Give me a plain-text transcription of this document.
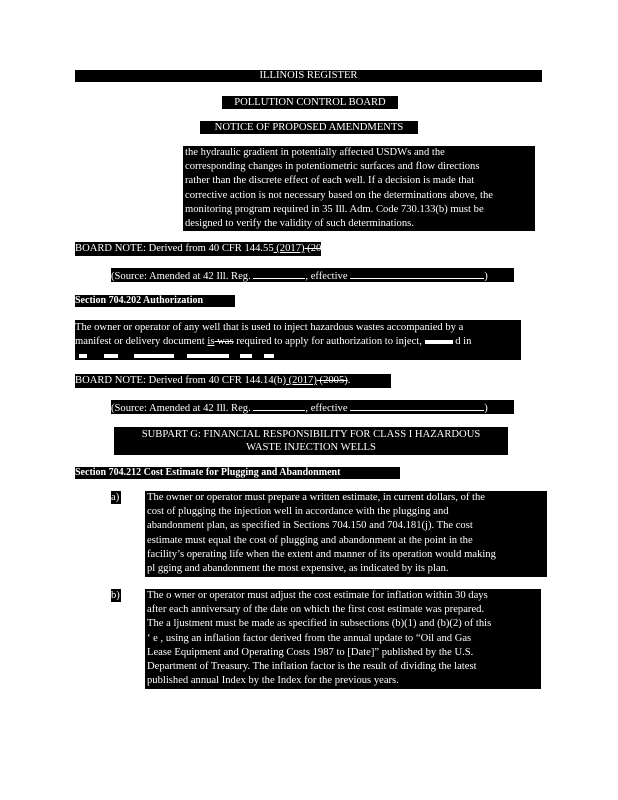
ILLINOIS REGISTER
POLLUTION CONTROL BOARD
NOTICE OF PROPOSED AMENDMENTS
the hydraulic gradient in potentially affected USDWs and the
corresponding changes in potentiometric surfaces and flow directions
rather than the discrete effect of each well. If a decision is made that
corrective action is not necessary based on the determinations above, the
monitoring program required in 35 Ill. Adm. Code 730.133(b) must be
designed to verify the validity of such determinations.
BOARD NOTE: Derived from 40 CFR 144.55 (2017) (2005).
(Source: Amended at 42 Ill. Reg.	, effective	)
Section 704.202 Authorization
The owner or operator of any well that is used to inject hazardous wastes accompanied by a
manifest or delivery document is was required to apply for authorization to inject,	d in

BOARD NOTE: Derived from 40 CFR 144.14(b) (2017) (2005).
(Source: Amended at 42 Ill. Reg.	, effective	)
SUBPART G: FINANCIAL RESPONSIBILITY FOR CLASS I HAZARDOUS
WASTE INJECTION WELLS
Section 704.212 Cost Estimate for Plugging and Abandonment
a)	The owner or operator must prepare a written estimate, in current dollars, of the
cost of plugging the injection well in accordance with the plugging and
abandonment plan, as specified in Sections 704.150 and 704.181(j). The cost
estimate must equal the cost of plugging and abandonment at the point in the
facility’s operating life when the extent and manner of its operation would making
pl gging and abandonment the most expensive, as indicated by its plan.
b)	The o wner or operator must adjust the cost estimate for inflation within 30 days
after each anniversary of the date on which the first cost estimate was prepared.
The a ljustment must be made as specified in subsections (b)(1) and (b)(2) of this
‘ e , using an inflation factor derived from the annual update to “Oil and Gas
Lease Equipment and Operating Costs 1987 to [Date]” published by the U.S.
Department of Treasury. The inflation factor is the result of dividing the latest
published annual Index by the Index for the previous years.
